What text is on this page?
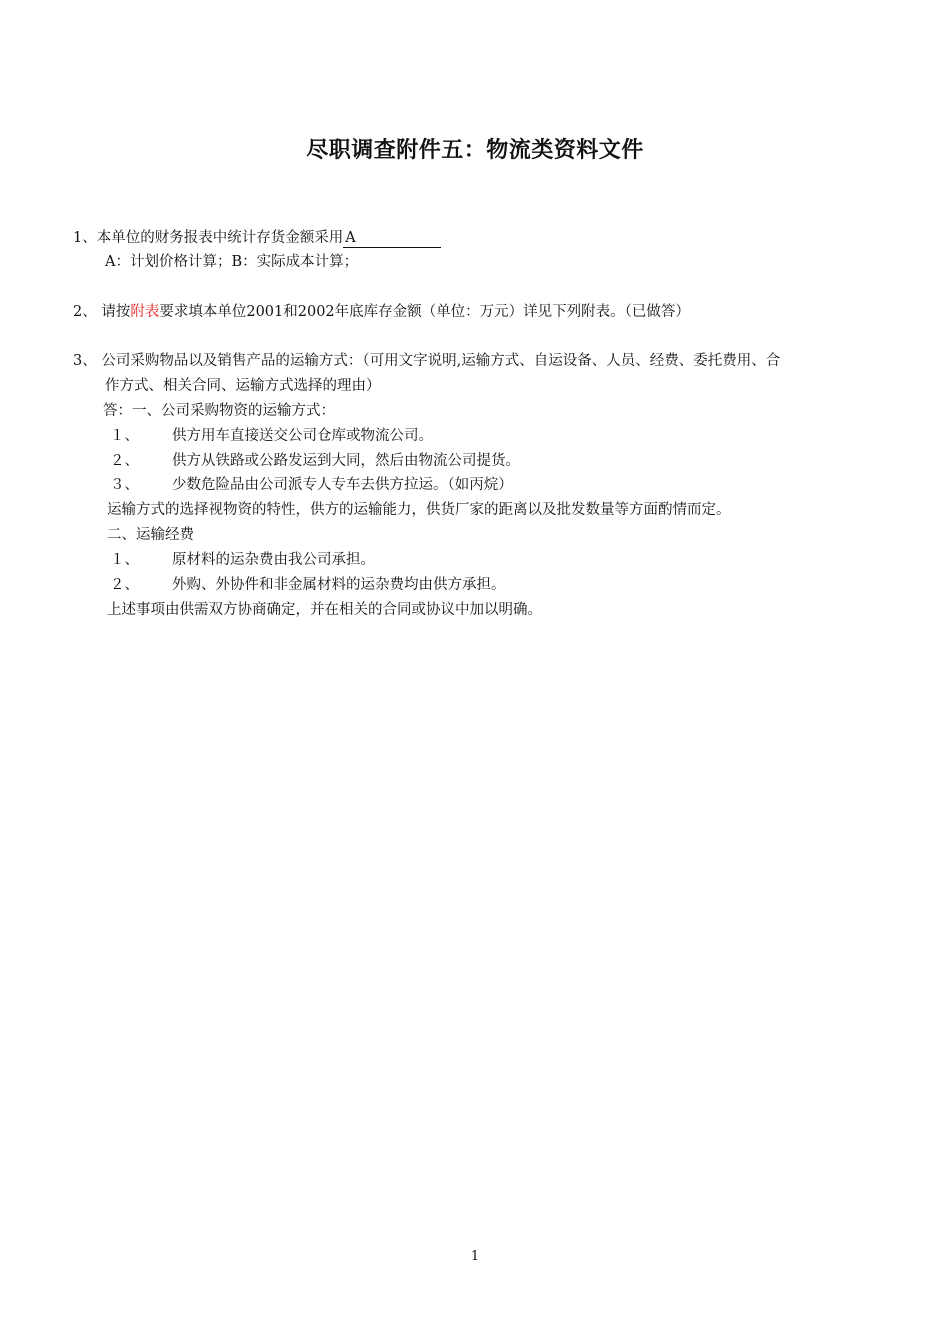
尽职调查附件五：物流类资料文件
1、本单位的财务报表中统计存货金额采用 A
A：计划价格计算；B：实际成本计算；
2、 请按附表要求填本单位2001和2002年底库存金额（单位：万元）详见下列附表。（已做答）
3、 公司采购物品以及销售产品的运输方式：（可用文字说明,运输方式、自运设备、人员、经费、委托费用、合
作方式、相关合同、运输方式选择的理由）
答：一、公司采购物资的运输方式：
１、 供方用车直接送交公司仓库或物流公司。
２、 供方从铁路或公路发运到大同，然后由物流公司提货。
３、 少数危险品由公司派专人专车去供方拉运。（如丙烷）
运输方式的选择视物资的特性，供方的运输能力，供货厂家的距离以及批发数量等方面酌情而定。
二、运输经费
１、 原材料的运杂费由我公司承担。
２、 外购、外协件和非金属材料的运杂费均由供方承担。
上述事项由供需双方协商确定，并在相关的合同或协议中加以明确。
1
